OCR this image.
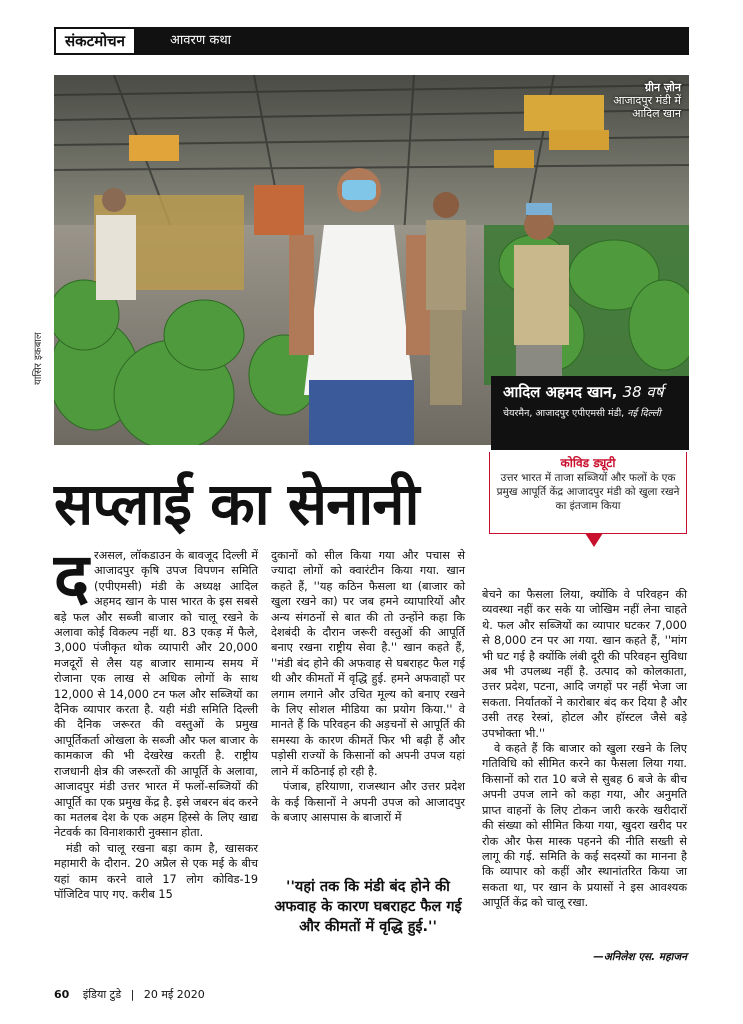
संकटमोचन	आवरण कथा
ग्रीन ज़ोन
आजादपुर मंडी में
आदिल खान
यासिर इकबाल
आदिल अहमद खान, 38 वर्ष
चेयरमैन, आजादपुर एपीएमसी मंडी, नई दिल्ली
कोविड ड्यूटी
उत्तर भारत में ताजा सब्जियों और फलों के एक प्रमुख आपूर्ति केंद्र आजादपुर मंडी को खुला रखने का इंतजाम किया
सप्लाई का सेनानी

दरअसल, लॉकडाउन के बावजूद दिल्ली में आजादपुर कृषि उपज विपणन समिति (एपीएमसी) मंडी के अध्यक्ष आदिल अहमद खान के पास भारत के इस सबसे बड़े फल और सब्जी बाजार को चालू रखने के अलावा कोई विकल्प नहीं था. 83 एकड़ में फैले, 3,000 पंजीकृत थोक व्यापारी और 20,000 मजदूरों से लैस यह बाजार सामान्य समय में रोजाना एक लाख से अधिक लोगों के साथ 12,000 से 14,000 टन फल और सब्जियों का दैनिक व्यापार करता है. यही मंडी समिति दिल्ली की दैनिक जरूरत की वस्तुओं के प्रमुख आपूर्तिकर्ता ओखला के सब्जी और फल बाजार के कामकाज की भी देखरेख करती है. राष्ट्रीय राजधानी क्षेत्र की जरूरतों की आपूर्ति के अलावा, आजादपुर मंडी उत्तर भारत में फलों-सब्जियों की आपूर्ति का एक प्रमुख केंद्र है. इसे जबरन बंद करने का मतलब देश के एक अहम हिस्से के लिए खाद्य नेटवर्क का विनाशकारी नुक्सान होता.

मंडी को चालू रखना बड़ा काम है, खासकर महामारी के दौरान. 20 अप्रैल से एक मई के बीच यहां काम करने वाले 17 लोग कोविड-19 पॉजिटिव पाए गए. करीब 15

दुकानों को सील किया गया और पचास से ज्यादा लोगों को क्वारंटीन किया गया. खान कहते हैं, ''यह कठिन फैसला था (बाजार को खुला रखने का) पर जब हमने व्यापारियों और अन्य संगठनों से बात की तो उन्होंने कहा कि देशबंदी के दौरान जरूरी वस्तुओं की आपूर्ति बनाए रखना राष्ट्रीय सेवा है.'' खान कहते हैं, ''मंडी बंद होने की अफवाह से घबराहट फैल गई थी और कीमतों में वृद्धि हुई. हमने अफवाहों पर लगाम लगाने और उचित मूल्य को बनाए रखने के लिए सोशल मीडिया का प्रयोग किया.'' वे मानते हैं कि परिवहन की अड़चनों से आपूर्ति की समस्या के कारण कीमतें फिर भी बढ़ी हैं और पड़ोसी राज्यों के किसानों को अपनी उपज यहां लाने में कठिनाई हो रही है.

पंजाब, हरियाणा, राजस्थान और उत्तर प्रदेश के कई किसानों ने अपनी उपज को आजादपुर के बजाए आसपास के बाजारों में

''यहां तक कि मंडी बंद होने की अफवाह के कारण घबराहट फैल गई और कीमतों में वृद्धि हुई.''

बेचने का फैसला लिया, क्योंकि वे परिवहन की व्यवस्था नहीं कर सके या जोखिम नहीं लेना चाहते थे. फल और सब्जियों का व्यापार घटकर 7,000 से 8,000 टन पर आ गया. खान कहते हैं, ''मांग भी घट गई है क्योंकि लंबी दूरी की परिवहन सुविधा अब भी उपलब्ध नहीं है. उत्पाद को कोलकाता, उत्तर प्रदेश, पटना, आदि जगहों पर नहीं भेजा जा सकता. निर्यातकों ने कारोबार बंद कर दिया है और उसी तरह रेस्त्रां, होटल और हॉस्टल जैसे बड़े उपभोक्ता भी.''

वे कहते हैं कि बाजार को खुला रखने के लिए गतिविधि को सीमित करने का फैसला लिया गया. किसानों को रात 10 बजे से सुबह 6 बजे के बीच अपनी उपज लाने को कहा गया, और अनुमति प्राप्त वाहनों के लिए टोकन जारी करके खरीदारों की संख्या को सीमित किया गया, खुदरा खरीद पर रोक और फेस मास्क पहनने की नीति सख्ती से लागू की गई. समिति के कई सदस्यों का मानना है कि व्यापार को कहीं और स्थानांतरित किया जा सकता था, पर खान के प्रयासों ने इस आवश्यक आपूर्ति केंद्र को चालू रखा.

—अनिलेश एस. महाजन
60 इंडिया टुडे | 20 मई 2020
